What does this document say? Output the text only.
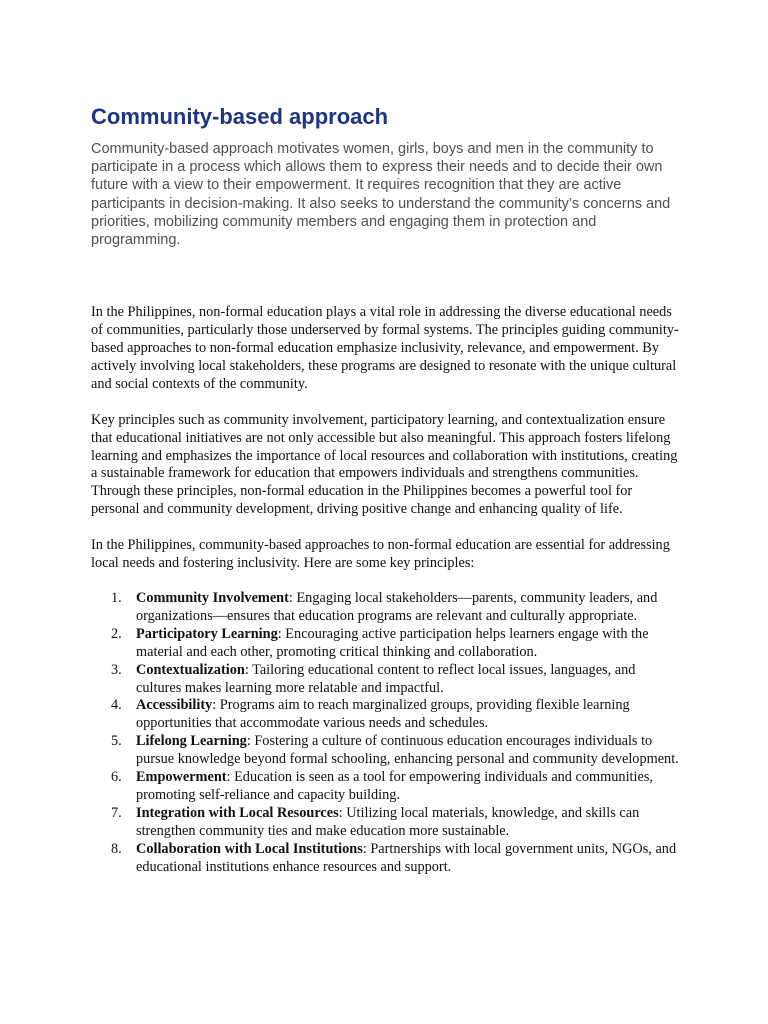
Community-based approach

Community-based approach motivates women, girls, boys and men in the community to participate in a process which allows them to express their needs and to decide their own future with a view to their empowerment. It requires recognition that they are active participants in decision-making. It also seeks to understand the community’s concerns and priorities, mobilizing community members and engaging them in protection and programming.

In the Philippines, non-formal education plays a vital role in addressing the diverse educational needs of communities, particularly those underserved by formal systems. The principles guiding community-based approaches to non-formal education emphasize inclusivity, relevance, and empowerment. By actively involving local stakeholders, these programs are designed to resonate with the unique cultural and social contexts of the community.

Key principles such as community involvement, participatory learning, and contextualization ensure that educational initiatives are not only accessible but also meaningful. This approach fosters lifelong learning and emphasizes the importance of local resources and collaboration with institutions, creating a sustainable framework for education that empowers individuals and strengthens communities. Through these principles, non-formal education in the Philippines becomes a powerful tool for personal and community development, driving positive change and enhancing quality of life.

In the Philippines, community-based approaches to non-formal education are essential for addressing local needs and fostering inclusivity. Here are some key principles:

1. Community Involvement: Engaging local stakeholders—parents, community leaders, and organizations—ensures that education programs are relevant and culturally appropriate.
2. Participatory Learning: Encouraging active participation helps learners engage with the material and each other, promoting critical thinking and collaboration.
3. Contextualization: Tailoring educational content to reflect local issues, languages, and cultures makes learning more relatable and impactful.
4. Accessibility: Programs aim to reach marginalized groups, providing flexible learning opportunities that accommodate various needs and schedules.
5. Lifelong Learning: Fostering a culture of continuous education encourages individuals to pursue knowledge beyond formal schooling, enhancing personal and community development.
6. Empowerment: Education is seen as a tool for empowering individuals and communities, promoting self-reliance and capacity building.
7. Integration with Local Resources: Utilizing local materials, knowledge, and skills can strengthen community ties and make education more sustainable.
8. Collaboration with Local Institutions: Partnerships with local government units, NGOs, and educational institutions enhance resources and support.
